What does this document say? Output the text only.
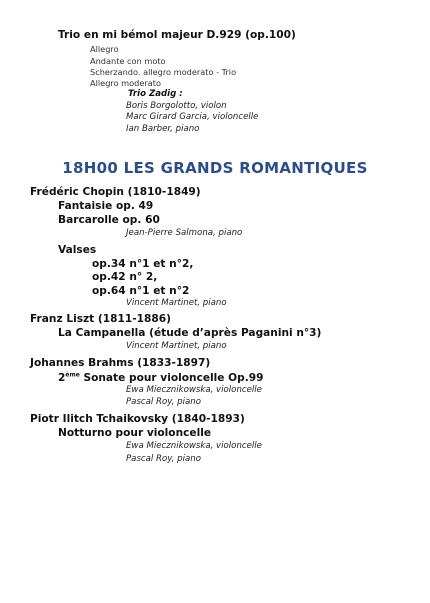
Trio en mi bémol majeur D.929 (op.100)
Allegro
Andante con moto
Scherzando. allegro moderato - Trio
Allegro moderato
Trio Zadig :
Boris Borgolotto, violon
Marc Girard Garcia, violoncelle
Ian Barber, piano
18H00 LES GRANDS ROMANTIQUES
Frédéric Chopin (1810-1849)
Fantaisie op. 49
Barcarolle op. 60
Jean-Pierre Salmona, piano
Valses
op.34 n°1 et n°2,
op.42 n° 2,
op.64 n°1 et n°2
Vincent Martinet, piano
Franz Liszt (1811-1886)
La Campanella (étude d’après Paganini n°3)
Vincent Martinet, piano
Johannes Brahms (1833-1897)
2ème Sonate pour violoncelle Op.99
Ewa Miecznikowska, violoncelle
Pascal Roy, piano
Piotr Ilitch Tchaikovsky (1840-1893)
Notturno pour violoncelle
Ewa Miecznikowska, violoncelle
Pascal Roy, piano
